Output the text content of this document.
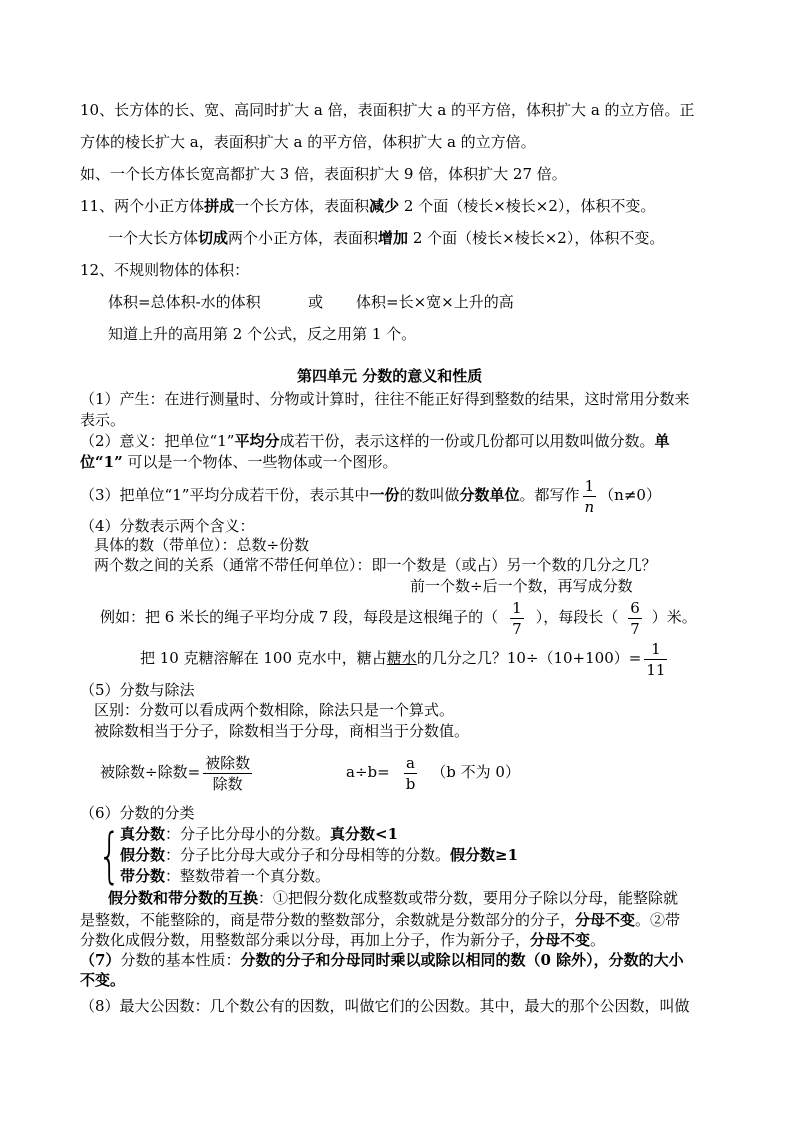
10、长方体的长、宽、高同时扩大 a 倍，表面积扩大 a 的平方倍，体积扩大 a 的立方倍。正
方体的棱长扩大 a，表面积扩大 a 的平方倍，体积扩大 a 的立方倍。
如、一个长方体长宽高都扩大 3 倍，表面积扩大 9 倍，体积扩大 27 倍。
11、两个小正方体拼成一个长方体，表面积减少 2 个面（棱长×棱长×2），体积不变。
一个大长方体切成两个小正方体，表面积增加 2 个面（棱长×棱长×2），体积不变。
12、不规则物体的体积：
体积=总体积-水的体积	或 体积=长×宽×上升的高
知道上升的高用第 2 个公式，反之用第 1 个。
第四单元 分数的意义和性质
（1）产生：在进行测量时、分物或计算时，往往不能正好得到整数的结果，这时常用分数来
表示。
（2）意义：把单位“1”平均分成若干份，表示这样的一份或几份都可以用数叫做分数。单
位“1” 可以是一个物体、一些物体或一个图形。
（3）把单位“1”平均分成若干份，表示其中一份的数叫做分数单位。都写作 $\frac{1}{n} (n\ne 0)$
（4）分数表示两个含义：
具体的数（带单位）：总数÷份数
两个数之间的关系（通常不带任何单位）：即一个数是（或占）另一个数的几分之几？
前一个数÷后一个数，再写成分数
例如：把 6 米长的绳子平均分成 7 段，每段是这根绳子的（ $\frac{1}{7}$ ），每段长（ $\frac{6}{7}$ ）米。
把 10 克糖溶解在 100 克水中，糖占糖水的几分之几？$10\div(10+100)= \frac{1}{11}$
（5）分数与除法
区别：分数可以看成两个数相除，除法只是一个算式。
被除数相当于分子，除数相当于分母，商相当于分数值。
被除数÷除数= $\frac{\text{被除数}}{\text{除数}}$	$a\div b= \frac{a}{b} (b$ 不为 0）
（6）分数的分类
{ 真分数：分子比分母小的分数。真分数<1
假分数：分子比分母大或分子和分母相等的分数。假分数≥1
带分数：整数带着一个真分数。
假分数和带分数的互换：①把假分数化成整数或带分数，要用分子除以分母，能整除就
是整数，不能整除的，商是带分数的整数部分，余数就是分数部分的分子，分母不变。②带
分数化成假分数，用整数部分乘以分母，再加上分子，作为新分子，分母不变。
（7）分数的基本性质：分数的分子和分母同时乘以或除以相同的数（0 除外），分数的大小
不变。
（8）最大公因数：几个数公有的因数，叫做它们的公因数。其中，最大的那个公因数，叫做
